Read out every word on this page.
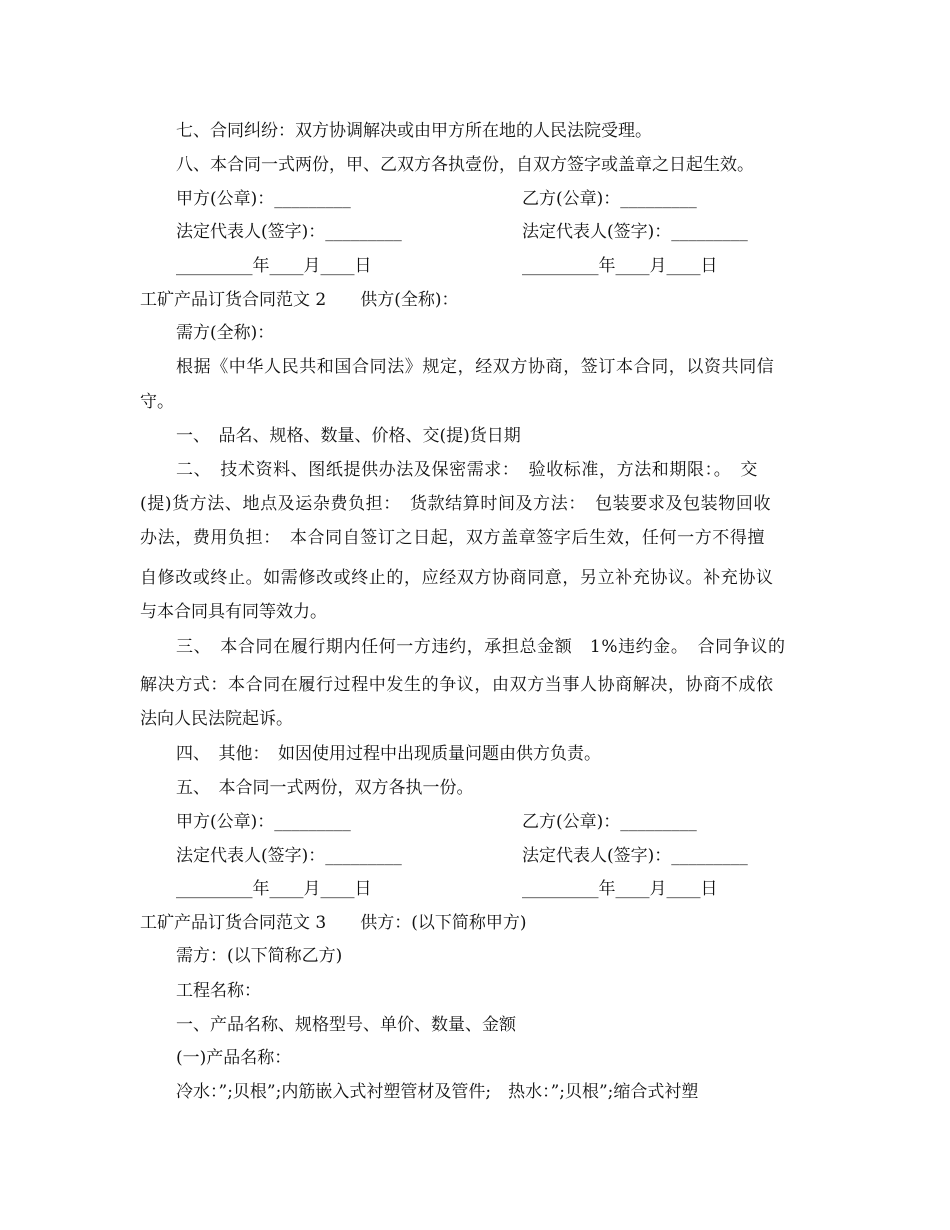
七、合同纠纷：双方协调解决或由甲方所在地的人民法院受理。
八、本合同一式两份，甲、乙双方各执壹份，自双方签字或盖章之日起生效。
甲方(公章)：_________	乙方(公章)：_________
法定代表人(签字)：_________	法定代表人(签字)：_________
_________年____月____日	_________年____月____日
工矿产品订货合同范文 2　　供方(全称)：
需方(全称)：
根据《中华人民共和国合同法》规定，经双方协商，签订本合同，以资共同信
守。
一、　品名、规格、数量、价格、交(提)货日期
二、　技术资料、图纸提供办法及保密需求：　验收标准，方法和期限：。　交
(提)货方法、地点及运杂费负担：　货款结算时间及方法：　包装要求及包装物回收
办法，费用负担：　本合同自签订之日起，双方盖章签字后生效，任何一方不得擅
自修改或终止。如需修改或终止的，应经双方协商同意，另立补充协议。补充协议
与本合同具有同等效力。
三、　本合同在履行期内任何一方违约，承担总金额　1%违约金。　合同争议的
解决方式：本合同在履行过程中发生的争议，由双方当事人协商解决，协商不成依
法向人民法院起诉。
四、　其他：　如因使用过程中出现质量问题由供方负责。
五、　本合同一式两份，双方各执一份。
甲方(公章)：_________	乙方(公章)：_________
法定代表人(签字)：_________	法定代表人(签字)：_________
_________年____月____日	_________年____月____日
工矿产品订货合同范文 3　　供方：(以下简称甲方)
需方：(以下简称乙方)
工程名称：
一、产品名称、规格型号、单价、数量、金额
(一)产品名称：
冷水：”;贝根”;内筋嵌入式衬塑管材及管件;　热水：”;贝根”;缩合式衬塑
